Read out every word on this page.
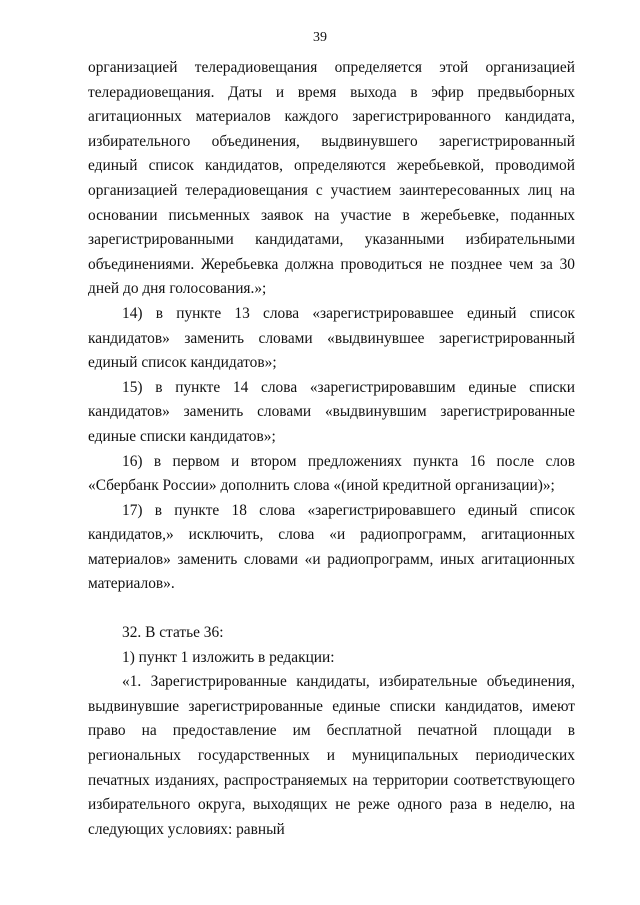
39

организацией телерадиовещания определяется этой организацией телерадиовещания. Даты и время выхода в эфир предвыборных агитационных материалов каждого зарегистрированного кандидата, избирательного объединения, выдвинувшего зарегистрированный единый список кандидатов, определяются жеребьевкой, проводимой организацией телерадиовещания с участием заинтересованных лиц на основании письменных заявок на участие в жеребьевке, поданных зарегистрированными кандидатами, указанными избирательными объединениями. Жеребьевка должна проводиться не позднее чем за 30 дней до дня голосования.»;

14) в пункте 13 слова «зарегистрировавшее единый список кандидатов» заменить словами «выдвинувшее зарегистрированный единый список кандидатов»;

15) в пункте 14 слова «зарегистрировавшим единые списки кандидатов» заменить словами «выдвинувшим зарегистрированные единые списки кандидатов»;

16) в первом и втором предложениях пункта 16 после слов «Сбербанк России» дополнить слова «(иной кредитной организации)»;

17) в пункте 18 слова «зарегистрировавшего единый список кандидатов,» исключить, слова «и радиопрограмм, агитационных материалов» заменить словами «и радиопрограмм, иных агитационных материалов».

32. В статье 36:

1) пункт 1 изложить в редакции:

«1. Зарегистрированные кандидаты, избирательные объединения, выдвинувшие зарегистрированные единые списки кандидатов, имеют право на предоставление им бесплатной печатной площади в региональных государственных и муниципальных периодических печатных изданиях, распространяемых на территории соответствующего избирательного округа, выходящих не реже одного раза в неделю, на следующих условиях: равный
